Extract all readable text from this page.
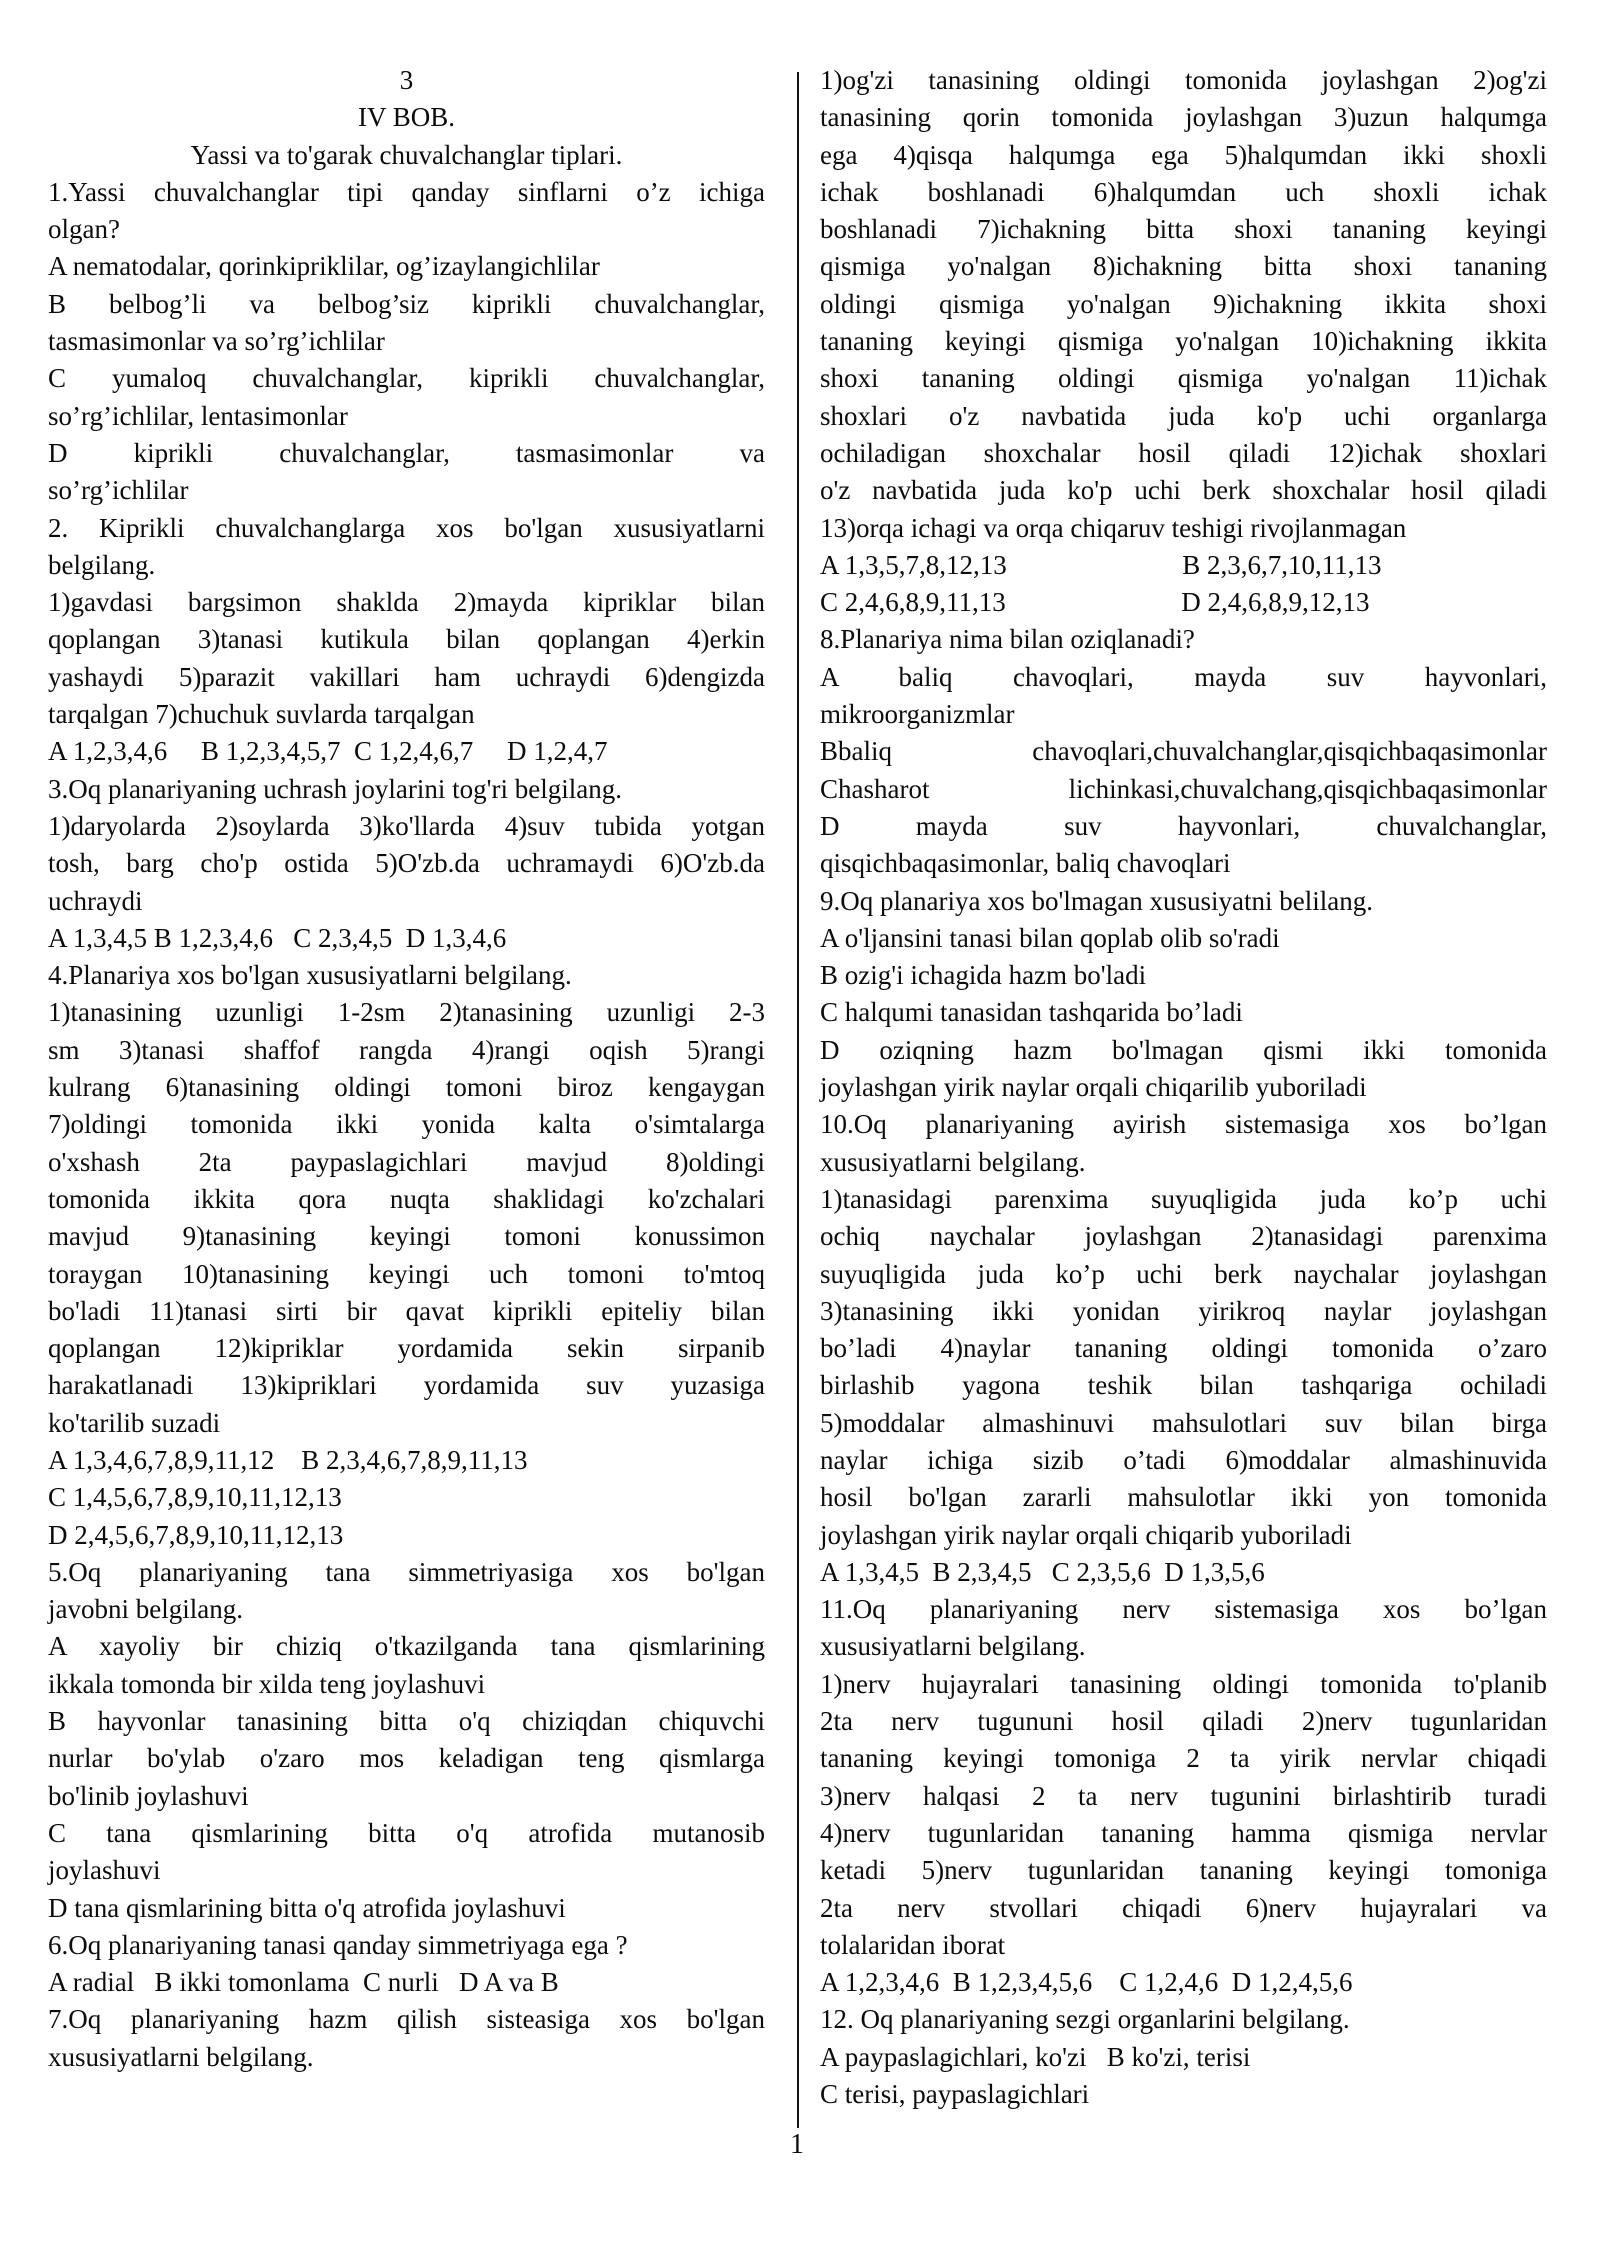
3
IV BOB.
Yassi va to'garak chuvalchanglar tiplari.
1.Yassi chuvalchanglar tipi qanday sinflarni o’z ichiga
olgan?
A nematodalar, qorinkipriklilar, og’izaylangichlilar
B belbog’li va belbog’siz kiprikli chuvalchanglar,
tasmasimonlar va so’rg’ichlilar
C yumaloq chuvalchanglar, kiprikli chuvalchanglar,
so’rg’ichlilar, lentasimonlar
D kiprikli chuvalchanglar, tasmasimonlar va
so’rg’ichlilar
2. Kiprikli chuvalchanglarga xos bo'lgan xususiyatlarni
belgilang.
1)gavdasi bargsimon shaklda 2)mayda kipriklar bilan
qoplangan 3)tanasi kutikula bilan qoplangan 4)erkin
yashaydi 5)parazit vakillari ham uchraydi 6)dengizda
tarqalgan 7)chuchuk suvlarda tarqalgan
A 1,2,3,4,6     B 1,2,3,4,5,7  C 1,2,4,6,7     D 1,2,4,7
3.Oq planariyaning uchrash joylarini tog'ri belgilang.
1)daryolarda 2)soylarda 3)ko'llarda 4)suv tubida yotgan
tosh, barg cho'p ostida 5)O'zb.da uchramaydi 6)O'zb.da
uchraydi
A 1,3,4,5 B 1,2,3,4,6   C 2,3,4,5  D 1,3,4,6
4.Planariya xos bo'lgan xususiyatlarni belgilang.
1)tanasining uzunligi 1-2sm 2)tanasining uzunligi 2-3
sm 3)tanasi shaffof rangda 4)rangi oqish 5)rangi
kulrang 6)tanasining oldingi tomoni biroz kengaygan
7)oldingi tomonida ikki yonida kalta o'simtalarga
o'xshash 2ta paypaslagichlari mavjud 8)oldingi
tomonida ikkita qora nuqta shaklidagi ko'zchalari
mavjud 9)tanasining keyingi tomoni konussimon
toraygan 10)tanasining keyingi uch tomoni to'mtoq
bo'ladi 11)tanasi sirti bir qavat kiprikli epiteliy bilan
qoplangan 12)kipriklar yordamida sekin sirpanib
harakatlanadi 13)kipriklari yordamida suv yuzasiga
ko'tarilib suzadi
A 1,3,4,6,7,8,9,11,12    B 2,3,4,6,7,8,9,11,13
C 1,4,5,6,7,8,9,10,11,12,13
D 2,4,5,6,7,8,9,10,11,12,13
5.Oq planariyaning tana simmetriyasiga xos bo'lgan
javobni belgilang.
A xayoliy bir chiziq o'tkazilganda tana qismlarining
ikkala tomonda bir xilda teng joylashuvi
B hayvonlar tanasining bitta o'q chiziqdan chiquvchi
nurlar bo'ylab o'zaro mos keladigan teng qismlarga
bo'linib joylashuvi
C tana qismlarining bitta o'q atrofida mutanosib
joylashuvi
D tana qismlarining bitta o'q atrofida joylashuvi
6.Oq planariyaning tanasi qanday simmetriyaga ega ?
A radial   B ikki tomonlama  C nurli   D A va B
7.Oq planariyaning hazm qilish sisteasiga xos bo'lgan
xususiyatlarni belgilang.
1)og'zi tanasining oldingi tomonida joylashgan 2)og'zi
tanasining qorin tomonida joylashgan 3)uzun halqumga
ega 4)qisqa halqumga ega 5)halqumdan ikki shoxli
ichak boshlanadi 6)halqumdan uch shoxli ichak
boshlanadi 7)ichakning bitta shoxi tananing keyingi
qismiga yo'nalgan 8)ichakning bitta shoxi tananing
oldingi qismiga yo'nalgan 9)ichakning ikkita shoxi
tananing keyingi qismiga yo'nalgan 10)ichakning ikkita
shoxi tananing oldingi qismiga yo'nalgan 11)ichak
shoxlari o'z navbatida juda ko'p uchi organlarga
ochiladigan shoxchalar hosil qiladi 12)ichak shoxlari
o'z navbatida juda ko'p uchi berk shoxchalar hosil qiladi
13)orqa ichagi va orqa chiqaruv teshigi rivojlanmagan
A 1,3,5,7,8,12,13                          B 2,3,6,7,10,11,13
C 2,4,6,8,9,11,13                          D 2,4,6,8,9,12,13
8.Planariya nima bilan oziqlanadi?
A baliq chavoqlari, mayda suv hayvonlari,
mikroorganizmlar
Bbaliq chavoqlari,chuvalchanglar,qisqichbaqasimonlar
Chasharot lichinkasi,chuvalchang,qisqichbaqasimonlar
D mayda suv hayvonlari, chuvalchanglar,
qisqichbaqasimonlar, baliq chavoqlari
9.Oq planariya xos bo'lmagan xususiyatni belilang.
A o'ljansini tanasi bilan qoplab olib so'radi
B ozig'i ichagida hazm bo'ladi
C halqumi tanasidan tashqarida bo’ladi
D oziqning hazm bo'lmagan qismi ikki tomonida
joylashgan yirik naylar orqali chiqarilib yuboriladi
10.Oq planariyaning ayirish sistemasiga xos bo’lgan
xususiyatlarni belgilang.
1)tanasidagi parenxima suyuqligida juda ko’p uchi
ochiq naychalar joylashgan 2)tanasidagi parenxima
suyuqligida juda ko’p uchi berk naychalar joylashgan
3)tanasining ikki yonidan yirikroq naylar joylashgan
bo’ladi 4)naylar tananing oldingi tomonida o’zaro
birlashib yagona teshik bilan tashqariga ochiladi
5)moddalar almashinuvi mahsulotlari suv bilan birga
naylar ichiga sizib o’tadi 6)moddalar almashinuvida
hosil bo'lgan zararli mahsulotlar ikki yon tomonida
joylashgan yirik naylar orqali chiqarib yuboriladi
A 1,3,4,5  B 2,3,4,5   C 2,3,5,6  D 1,3,5,6
11.Oq planariyaning nerv sistemasiga xos bo’lgan
xususiyatlarni belgilang.
1)nerv hujayralari tanasining oldingi tomonida to'planib
2ta nerv tugununi hosil qiladi 2)nerv tugunlaridan
tananing keyingi tomoniga 2 ta yirik nervlar chiqadi
3)nerv halqasi 2 ta nerv tugunini birlashtirib turadi
4)nerv tugunlaridan tananing hamma qismiga nervlar
ketadi 5)nerv tugunlaridan tananing keyingi tomoniga
2ta nerv stvollari chiqadi 6)nerv hujayralari va
tolalaridan iborat
A 1,2,3,4,6  B 1,2,3,4,5,6    C 1,2,4,6  D 1,2,4,5,6
12. Oq planariyaning sezgi organlarini belgilang.
A paypaslagichlari, ko'zi   B ko'zi, terisi
C terisi, paypaslagichlari
1
